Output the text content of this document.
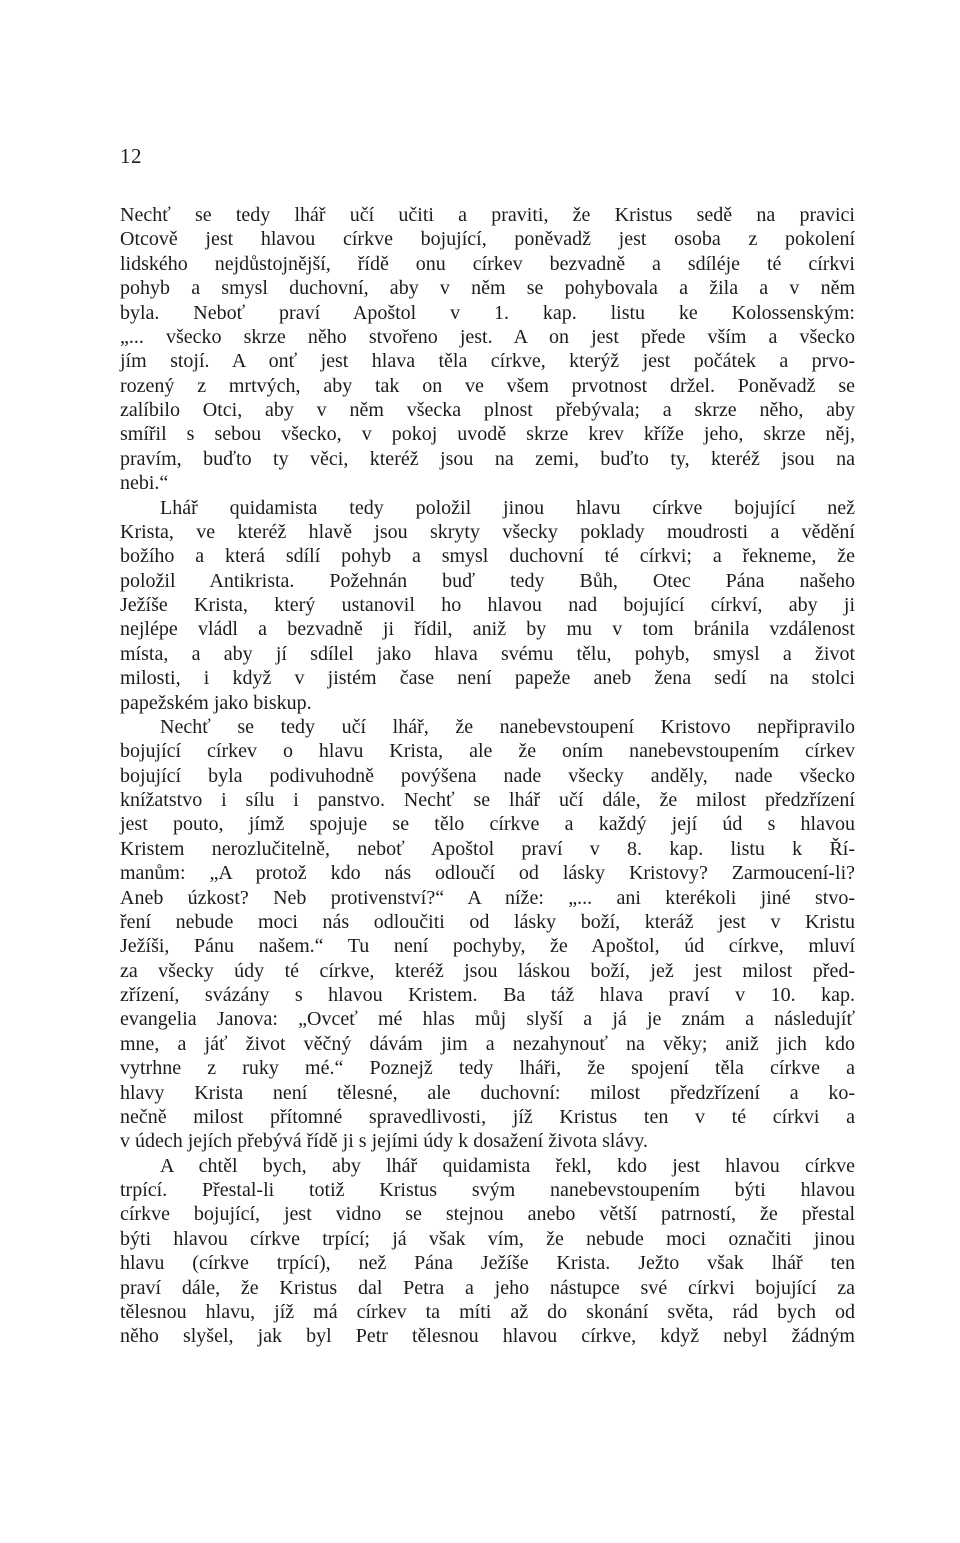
12
Nechť se tedy lhář učí učiti a praviti, že Kristus sedě na pravici
Otcově jest hlavou církve bojující, poněvadž jest osoba z pokolení
lidského nejdůstojnější, řídě onu církev bezvadně a sdíléje té církvi
pohyb a smysl duchovní, aby v něm se pohybovala a žila a v něm
byla. Neboť praví Apoštol v 1. kap. listu ke Kolossenským:
„... všecko skrze něho stvořeno jest. A on jest přede vším a všecko
jím stojí. A onť jest hlava těla církve, kterýž jest počátek a prvo-
rozený z mrtvých, aby tak on ve všem prvotnost držel. Poněvadž se
zalíbilo Otci, aby v něm všecka plnost přebývala; a skrze něho, aby
smířil s sebou všecko, v pokoj uvodě skrze krev kříže jeho, skrze něj,
pravím, buďto ty věci, kteréž jsou na zemi, buďto ty, kteréž jsou na
nebi.“
Lhář quidamista tedy položil jinou hlavu církve bojující než
Krista, ve kteréž hlavě jsou skryty všecky poklady moudrosti a vědění
božího a která sdílí pohyb a smysl duchovní té církvi; a řekneme, že
položil Antikrista. Požehnán buď tedy Bůh, Otec Pána našeho
Ježíše Krista, který ustanovil ho hlavou nad bojující církví, aby ji
nejlépe vládl a bezvadně ji řídil, aniž by mu v tom bránila vzdálenost
místa, a aby jí sdílel jako hlava svému tělu, pohyb, smysl a život
milosti, i když v jistém čase není papeže aneb žena sedí na stolci
papežském jako biskup.
Nechť se tedy učí lhář, že nanebevstoupení Kristovo nepřipravilo
bojující církev o hlavu Krista, ale že oním nanebevstoupením církev
bojující byla podivuhodně povýšena nade všecky anděly, nade všecko
knížatstvo i sílu i panstvo. Nechť se lhář učí dále, že milost předzřízení
jest pouto, jímž spojuje se tělo církve a každý její úd s hlavou
Kristem nerozlučitelně, neboť Apoštol praví v 8. kap. listu k Ří-
manům: „A protož kdo nás odloučí od lásky Kristovy? Zarmoucení-li?
Aneb úzkost? Neb protivenství?“ A níže: „... ani kterékoli jiné stvo-
ření nebude moci nás odloučiti od lásky boží, kteráž jest v Kristu
Ježíši, Pánu našem.“ Tu není pochyby, že Apoštol, úd církve, mluví
za všecky údy té církve, kteréž jsou láskou boží, jež jest milost před-
zřízení, svázány s hlavou Kristem. Ba táž hlava praví v 10. kap.
evangelia Janova: „Ovceť mé hlas můj slyší a já je znám a následujíť
mne, a jáť život věčný dávám jim a nezahynouť na věky; aniž jich kdo
vytrhne z ruky mé.“ Poznejž tedy lháři, že spojení těla církve a
hlavy Krista není tělesné, ale duchovní: milost předzřízení a ko-
nečně milost přítomné spravedlivosti, jíž Kristus ten v té církvi a
v údech jejích přebývá řídě ji s jejími údy k dosažení života slávy.
A chtěl bych, aby lhář quidamista řekl, kdo jest hlavou církve
trpící. Přestal-li totiž Kristus svým nanebevstoupením býti hlavou
církve bojující, jest vidno se stejnou anebo větší patrností, že přestal
býti hlavou církve trpící; já však vím, že nebude moci označiti jinou
hlavu (církve trpící), než Pána Ježíše Krista. Ježto však lhář ten
praví dále, že Kristus dal Petra a jeho nástupce své církvi bojující za
tělesnou hlavu, jíž má církev ta míti až do skonání světa, rád bych od
něho slyšel, jak byl Petr tělesnou hlavou církve, když nebyl žádným
